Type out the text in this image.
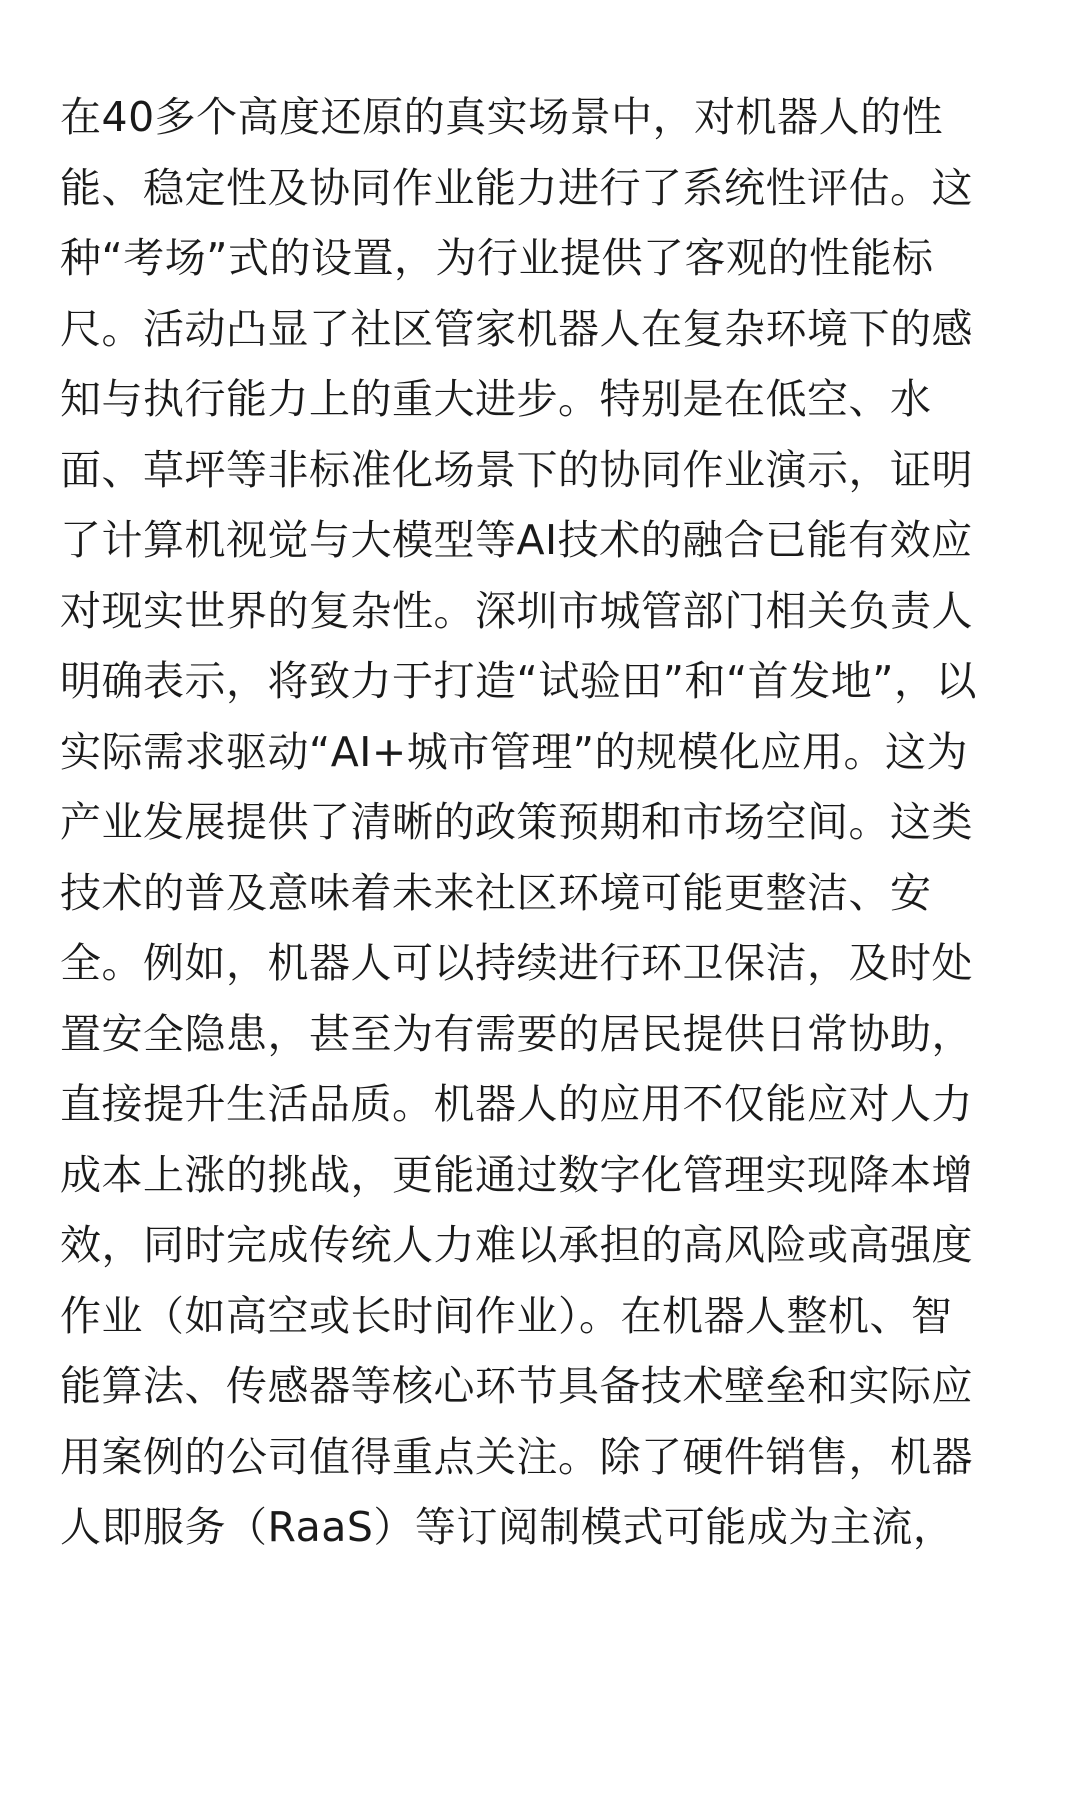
在40多个高度还原的真实场景中，对机器人的性
能、稳定性及协同作业能力进行了系统性评估。这
种“考场”式的设置，为行业提供了客观的性能标
尺。活动凸显了社区管家机器人在复杂环境下的感
知与执行能力上的重大进步。特别是在低空、水
面、草坪等非标准化场景下的协同作业演示，证明
了计算机视觉与大模型等AI技术的融合已能有效应
对现实世界的复杂性。深圳市城管部门相关负责人
明确表示，将致力于打造“试验田”和“首发地”，以
实际需求驱动“AI+城市管理”的规模化应用。这为
产业发展提供了清晰的政策预期和市场空间。这类
技术的普及意味着未来社区环境可能更整洁、安
全。例如，机器人可以持续进行环卫保洁，及时处
置安全隐患，甚至为有需要的居民提供日常协助，
直接提升生活品质。机器人的应用不仅能应对人力
成本上涨的挑战，更能通过数字化管理实现降本增
效，同时完成传统人力难以承担的高风险或高强度
作业（如高空或长时间作业）。在机器人整机、智
能算法、传感器等核心环节具备技术壁垒和实际应
用案例的公司值得重点关注。除了硬件销售，机器
人即服务（RaaS）等订阅制模式可能成为主流，
